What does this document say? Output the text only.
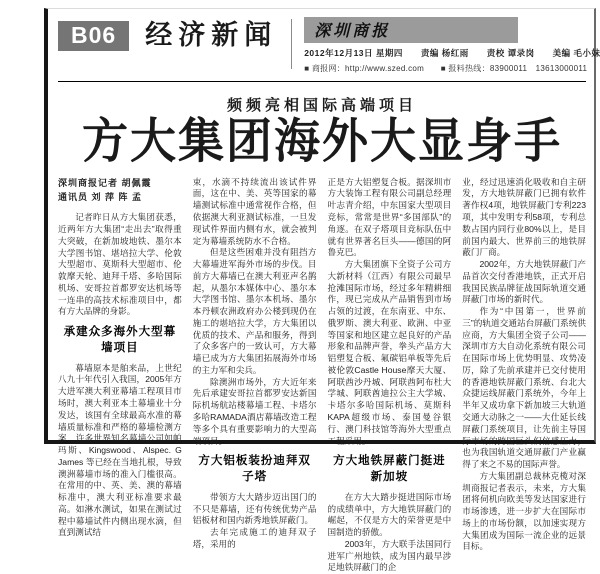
B06	经济新闻	深圳商报
2012年12月13日 星期四　　责编 杨红雨　　责校 谭录岗　　美编 毛小妹
■ 商报网：http://www.szed.com　　■ 报料热线：83900011　13613000011
频频亮相国际高端项目
方大集团海外大显身手
深圳商报记者 胡佩霞
通讯员 刘 萍 阵 孟
记者昨日从方大集团获悉，近两年方大集团“走出去”取得重大突破，在新加坡地铁、墨尔本大学图书馆、堪培拉大学、伦敦大型超市、莫斯科大型超市、伦敦摩天轮、迪拜千塔、多哈国际机场、安哥拉首都罗安达机场等一连串的高技术标准项目中，都有方大品牌的身影。
承建众多海外大型幕墙项目
幕墙原本是舶来品，上世纪八九十年代引入我国，2005年方大进军澳大利亚幕墙工程项目市场时，澳大利亚本土幕墙业十分发达，该国有全球最高水准的幕墙质量标准和严格的幕墙检测方案，许多世界知名幕墙公司如帕玛斯、Kingswood、Alspec. G James 等已经在当地扎根，导致澳洲幕墙市场的准入门槛很高。在常用的中、英、美、澳的幕墙标准中，澳大利亚标准要求最高。如淋水测试，如果在测试过程中幕墙试件内侧出现水滴，但直到测试结
束，水滴不持续流出该试件界面，这在中、美、英等国家的幕墙测试标准中通常视作合格，但依据澳大利亚测试标准，一旦发现试件界面内侧有水，就会被判定为幕墙系统防水不合格。
但是这些困难并没有阻挡方大幕墙进军海外市场的步伐。目前方大幕墙已在澳大利亚声名鹊起，从墨尔本媒体中心、墨尔本大学图书馆、墨尔本机场、墨尔本丹顿农洲政府办公楼到现仍在施工的堪培拉大学，方大集团以优质的技术、产品和服务，得到了众多客户的一致认可，方大幕墙已成为方大集团拓展海外市场的主力军和尖兵。
除澳洲市场外，方大近年来先后承建安哥拉首都罗安达新国际机场航站楼幕墙工程、卡塔尔多哈RAMADA酒店幕墙改造工程等多个具有重要影响力的大型高端项目。
方大铝板装扮迪拜双子塔
带领方大大踏步迈出国门的不只是幕墙，还有传统优势产品铝板材和国内新秀地铁屏蔽门。
去年完成施工的迪拜双子塔，采用的
正是方大铝塑复合板。据深圳市方大装饰工程有限公司副总经理叶志青介绍，中东国家大型项目竞标，常常是世界“多国部队”的角逐。在双子塔项目竞标队伍中就有世界著名巨头——德国的阿鲁克巴。
方大集团旗下全资子公司方大新材料（江西）有限公司最早抢滩国际市场，经过多年精耕细作，现已完成从产品销售到市场占领的过渡，在东南亚、中东、俄罗斯、澳大利亚、欧洲、中亚等国家和地区建立起良好的产品形象和品牌声誉，拳头产品方大铝塑复合板、氟碳铝单板等先后被伦敦Castle House摩天大厦、阿联酋沙丹城、阿联酋阿布杜大学城、阿联酋迪拉公主大学城、卡塔尔多哈国际机场、莫斯科KAPA超级市场、泰国曼谷银行、澳门科技馆等海外大型重点工程采用。
方大地铁屏蔽门挺进新加坡
在方大大踏步挺进国际市场的成绩单中，方大地铁屏蔽门的崛起，不仅是方大的荣誉更是中国制造的骄傲。
2003年，方大联手法国同行进军广州地铁，成为国内最早涉足地铁屏蔽门的企
业，经过迅速消化吸收和自主研发，方大地铁屏蔽门已拥有软件著作权4项，地铁屏蔽门专利223项，其中发明专利58项，专利总数占国内同行业80%以上，是目前国内最大、世界前三的地铁屏蔽门厂商。
2002年，方大地铁屏蔽门产品首次交付香港地铁，正式开启我国民族品牌征战国际轨道交通屏蔽门市场的新时代。
作为“中国第一，世界前三”的轨道交通站台屏蔽门系统供应商，方大集团全资子公司——深圳市方大自动化系统有限公司在国际市场上优势明显、攻势凌厉，除了先前承建并已交付使用的香港地铁屏蔽门系统、台北大众捷运线屏蔽门系统外，今年上半年又成功拿下新加坡三大轨道交通大动脉之一——大仕延长线屏蔽门系统项目，让先前主导国际市场的跨国巨头们倍感压力，也为我国轨道交通屏蔽门产业赢得了来之不易的国际声誉。
方大集团副总裁林克榄对深圳商报记者表示，未来，方大集团将伺机向欧美等发达国家进行市场渗透，进一步扩大在国际市场上的市场份额，以加速实现方大集团成为国际一流企业的远景目标。
